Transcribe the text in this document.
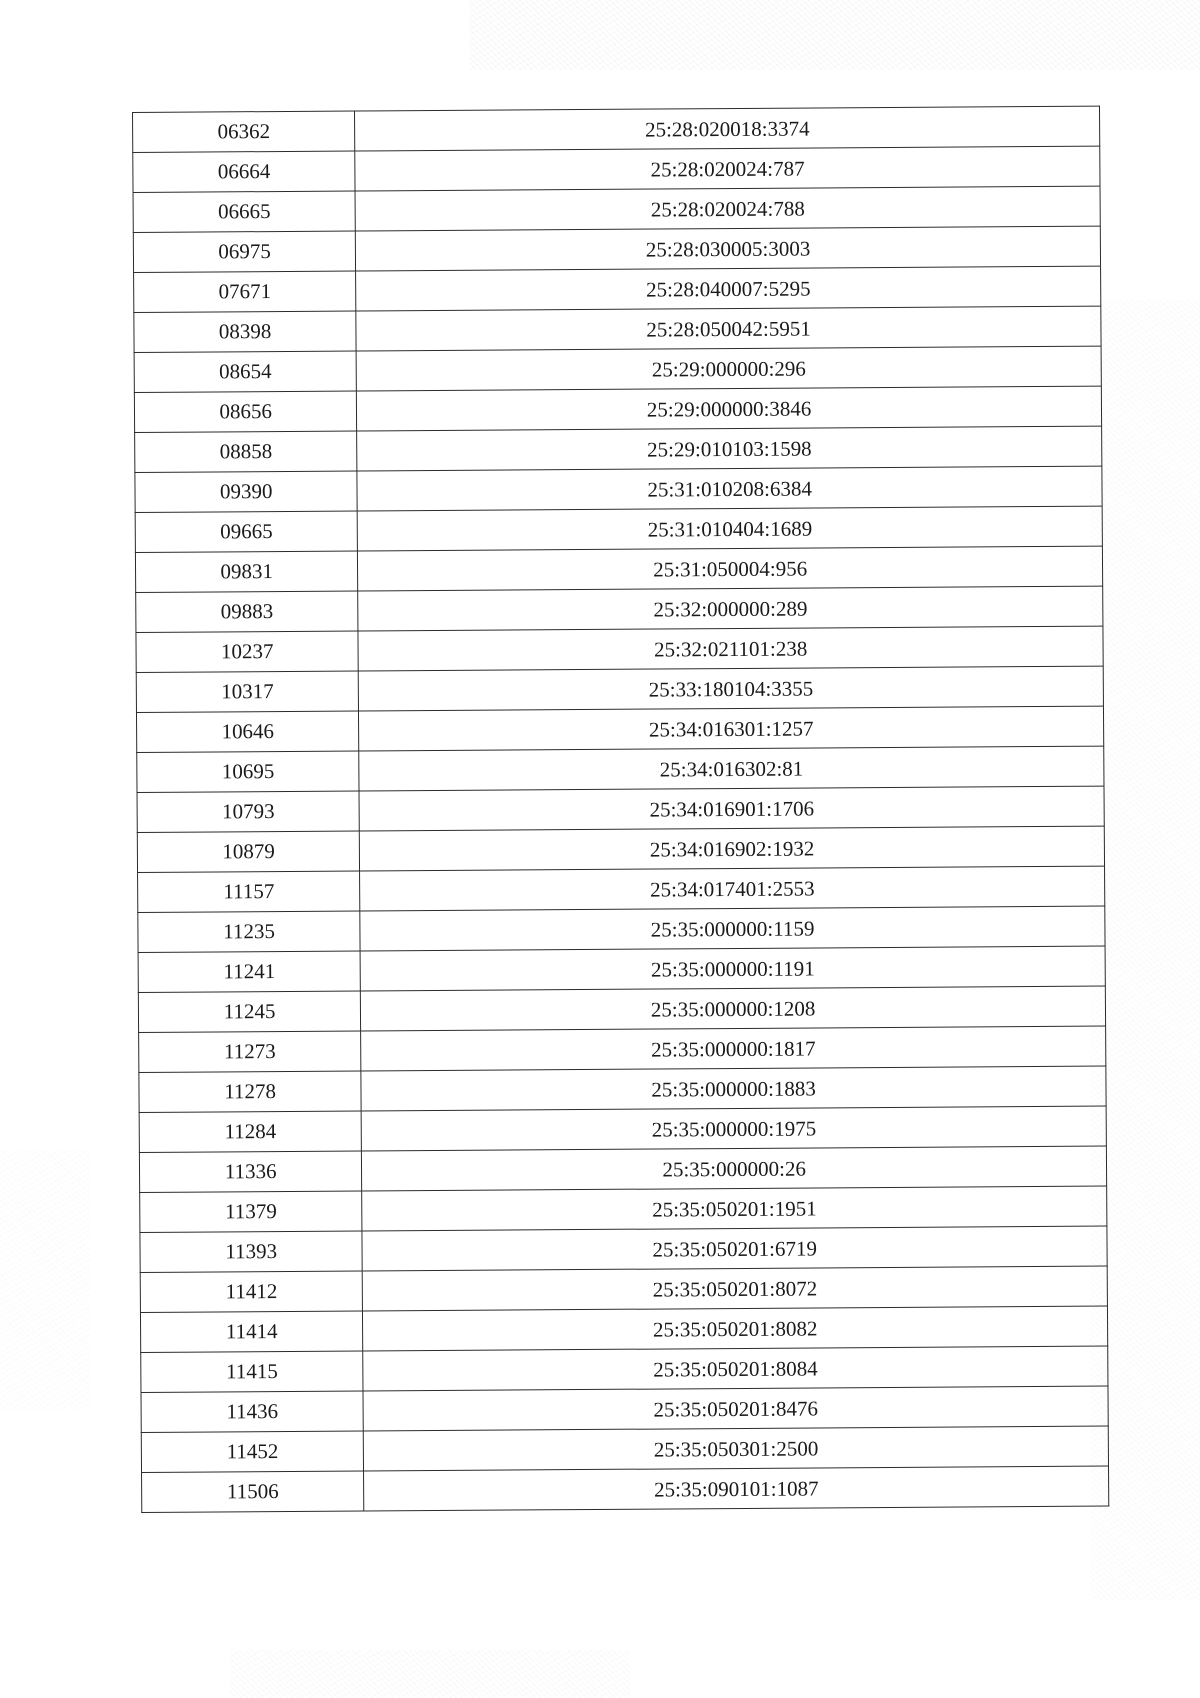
06362	25:28:020018:3374
06664	25:28:020024:787
06665	25:28:020024:788
06975	25:28:030005:3003
07671	25:28:040007:5295
08398	25:28:050042:5951
08654	25:29:000000:296
08656	25:29:000000:3846
08858	25:29:010103:1598
09390	25:31:010208:6384
09665	25:31:010404:1689
09831	25:31:050004:956
09883	25:32:000000:289
10237	25:32:021101:238
10317	25:33:180104:3355
10646	25:34:016301:1257
10695	25:34:016302:81
10793	25:34:016901:1706
10879	25:34:016902:1932
11157	25:34:017401:2553
11235	25:35:000000:1159
11241	25:35:000000:1191
11245	25:35:000000:1208
11273	25:35:000000:1817
11278	25:35:000000:1883
11284	25:35:000000:1975
11336	25:35:000000:26
11379	25:35:050201:1951
11393	25:35:050201:6719
11412	25:35:050201:8072
11414	25:35:050201:8082
11415	25:35:050201:8084
11436	25:35:050201:8476
11452	25:35:050301:2500
11506	25:35:090101:1087
